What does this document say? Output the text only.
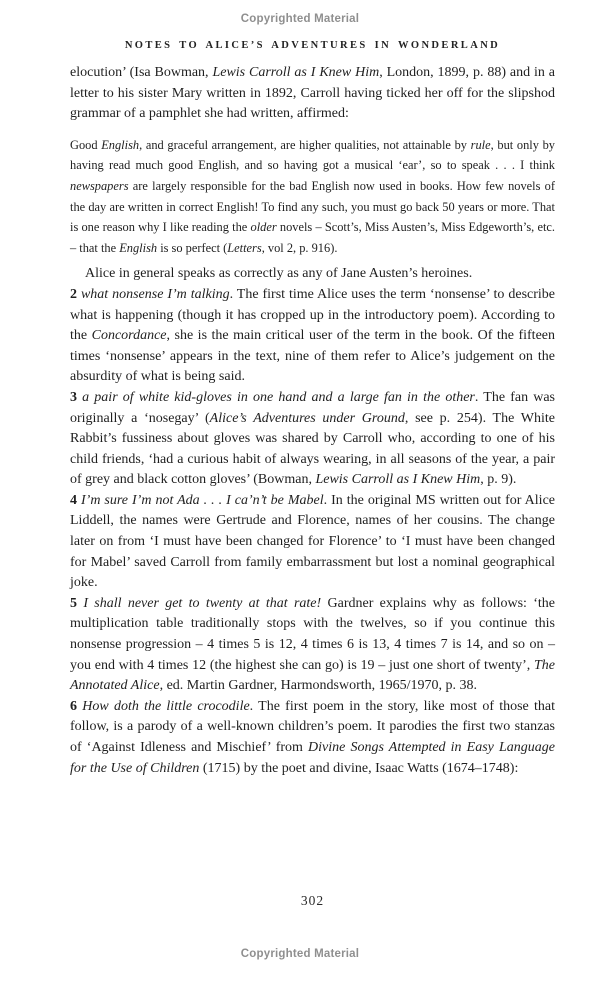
Copyrighted Material
NOTES TO ALICE’S ADVENTURES IN WONDERLAND

elocution’ (Isa Bowman, Lewis Carroll as I Knew Him, London, 1899, p. 88) and in a letter to his sister Mary written in 1892, Carroll having ticked her off for the slipshod grammar of a pamphlet she had written, affirmed:

Good English, and graceful arrangement, are higher qualities, not attainable by rule, but only by having read much good English, and so having got a musical ‘ear’, so to speak . . . I think newspapers are largely responsible for the bad English now used in books. How few novels of the day are written in correct English! To find any such, you must go back 50 years or more. That is one reason why I like reading the older novels – Scott’s, Miss Austen’s, Miss Edgeworth’s, etc. – that the English is so perfect (Letters, vol 2, p. 916).

Alice in general speaks as correctly as any of Jane Austen’s heroines.

2 what nonsense I’m talking. The first time Alice uses the term ‘nonsense’ to describe what is happening (though it has cropped up in the introductory poem). According to the Concordance, she is the main critical user of the term in the book. Of the fifteen times ‘nonsense’ appears in the text, nine of them refer to Alice’s judgement on the absurdity of what is being said.

3 a pair of white kid-gloves in one hand and a large fan in the other. The fan was originally a ‘nosegay’ (Alice’s Adventures under Ground, see p. 254). The White Rabbit’s fussiness about gloves was shared by Carroll who, according to one of his child friends, ‘had a curious habit of always wearing, in all seasons of the year, a pair of grey and black cotton gloves’ (Bowman, Lewis Carroll as I Knew Him, p. 9).

4 I’m sure I’m not Ada . . . I ca’n’t be Mabel. In the original MS written out for Alice Liddell, the names were Gertrude and Florence, names of her cousins. The change later on from ‘I must have been changed for Florence’ to ‘I must have been changed for Mabel’ saved Carroll from family embarrassment but lost a nominal geographical joke.

5 I shall never get to twenty at that rate! Gardner explains why as follows: ‘the multiplication table traditionally stops with the twelves, so if you continue this nonsense progression – 4 times 5 is 12, 4 times 6 is 13, 4 times 7 is 14, and so on – you end with 4 times 12 (the highest she can go) is 19 – just one short of twenty’, The Annotated Alice, ed. Martin Gardner, Harmondsworth, 1965/1970, p. 38.

6 How doth the little crocodile. The first poem in the story, like most of those that follow, is a parody of a well-known children’s poem. It parodies the first two stanzas of ‘Against Idleness and Mischief’ from Divine Songs Attempted in Easy Language for the Use of Children (1715) by the poet and divine, Isaac Watts (1674–1748):

302
Copyrighted Material
